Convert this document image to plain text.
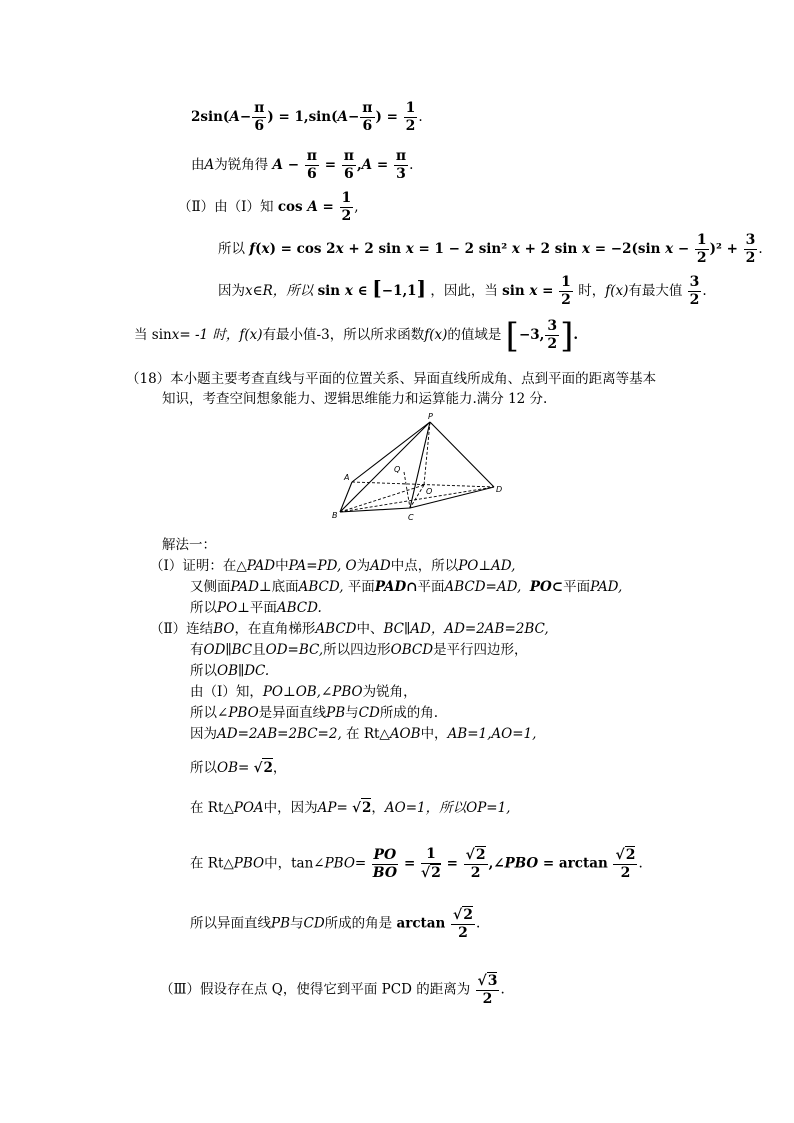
$2\sin(A- \frac{\pi}{6}$ ) = $1,\sin(A- \frac{\pi}{6}$ ) = $\frac{1}{2}$ .
由A为锐角得 $A - \frac{\pi}{6} = \frac{\pi}{6} ,A = \frac{\pi}{3}$ .
（Ⅱ）由（Ⅰ）知 $\cos A = \frac{1}{2}$ ,
所以 f(x) = cos 2x + 2 sin x = 1 − 2 sin² x + 2 sin x = −2(sin $x - \frac{1}{2} )^2 + \frac{3}{2}$ .
因为x∈R，所以 sin x ∈ [−1,1] ，因此，当 $\sin x = \frac{1}{2}$ 时，f(x)有最大值 $\frac{3}{2}$ .
当 sinx= -1 时，f(x)有最小值-3，所以所求函数f(x)的值域是 [−3, $\frac{3}{2}$ ].
（18）本小题主要考查直线与平面的位置关系、异面直线所成角、点到平面的距离等基本
知识，考查空间想象能力、逻辑思维能力和运算能力.满分 12 分.
P
A
Q
O	D
B	C
解法一：
（Ⅰ）证明：在△PAD中PA=PD, O为AD中点，所以PO⊥AD,
又侧面PAD⊥底面ABCD, 平面PAD∩平面ABCD=AD, PO⊂平面PAD,
所以PO⊥平面ABCD.
（Ⅱ）连结BO，在直角梯形ABCD中、BC∥AD，AD=2AB=2BC,
有OD∥BC且OD=BC,所以四边形OBCD是平行四边形，
所以OB∥DC.
由（Ⅰ）知，PO⊥OB,∠PBO为锐角，
所以∠PBO是异面直线PB与CD所成的角.
因为AD=2AB=2BC=2, 在 Rt△AOB中，AB=1,AO=1,
所以OB= √2，
在 Rt△POA中，因为AP= √2，AO=1，所以OP=1,
在 Rt△PBO中，tan∠PBO= $\frac{PO}{BO} = \frac{1}{√2} = \frac{√2}{2}$ ,∠PBO = $\arctan \frac{√2}{2}$ .
所以异面直线PB与CD所成的角是 $\arctan \frac{√2}{2}$ .
（Ⅲ）假设存在点 Q，使得它到平面 PCD 的距离为 $\frac{√3}{2}$ .
